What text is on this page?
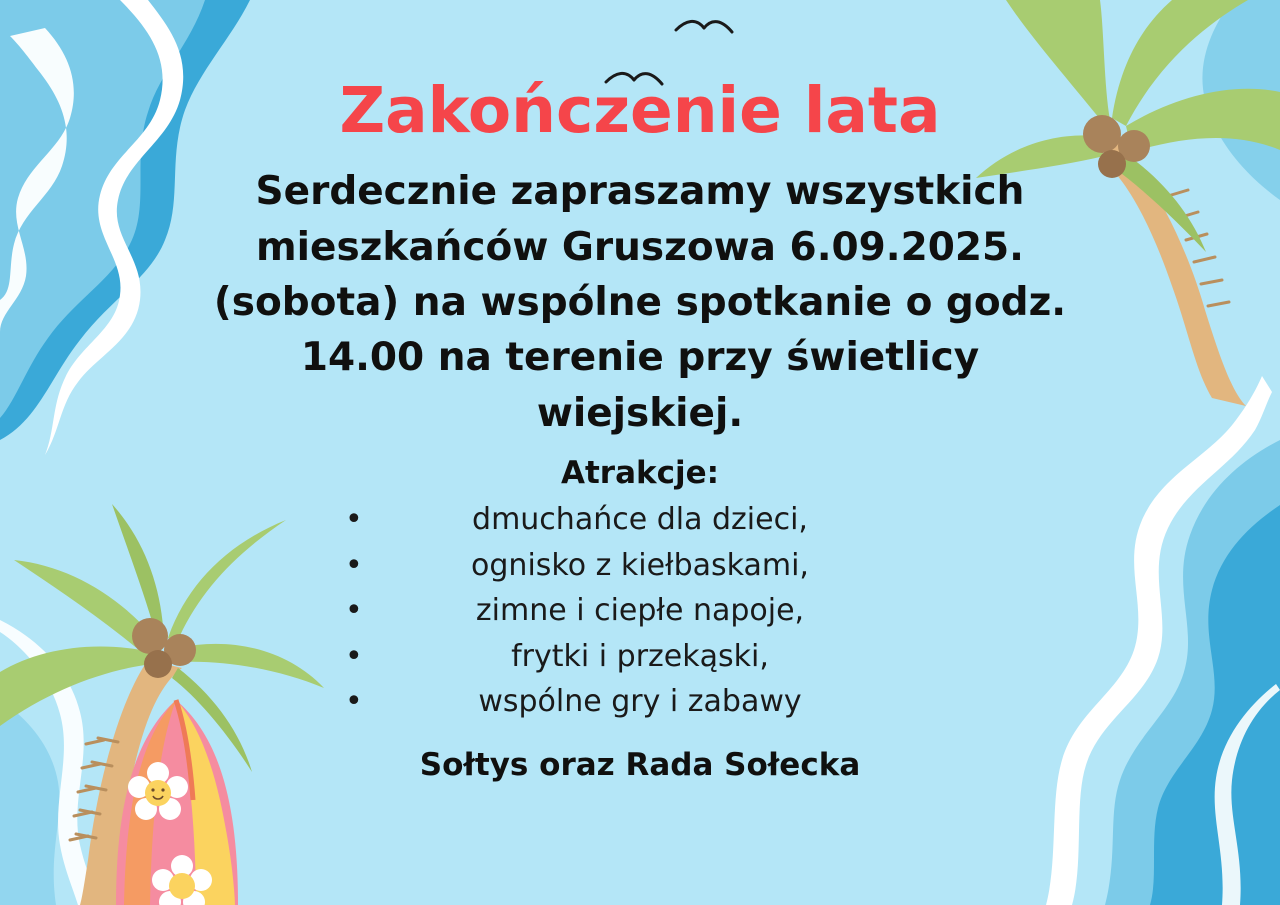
Zakończenie lata
Serdecznie zapraszamy wszystkich mieszkańców Gruszowa 6.09.2025. (sobota) na wspólne spotkanie o godz. 14.00 na terenie przy świetlicy wiejskiej.
Atrakcje:
•	dmuchańce dla dzieci,
•	ognisko z kiełbaskami,
•	zimne i ciepłe napoje,
•	frytki i przekąski,
•	wspólne gry i zabawy
Sołtys oraz Rada Sołecka
